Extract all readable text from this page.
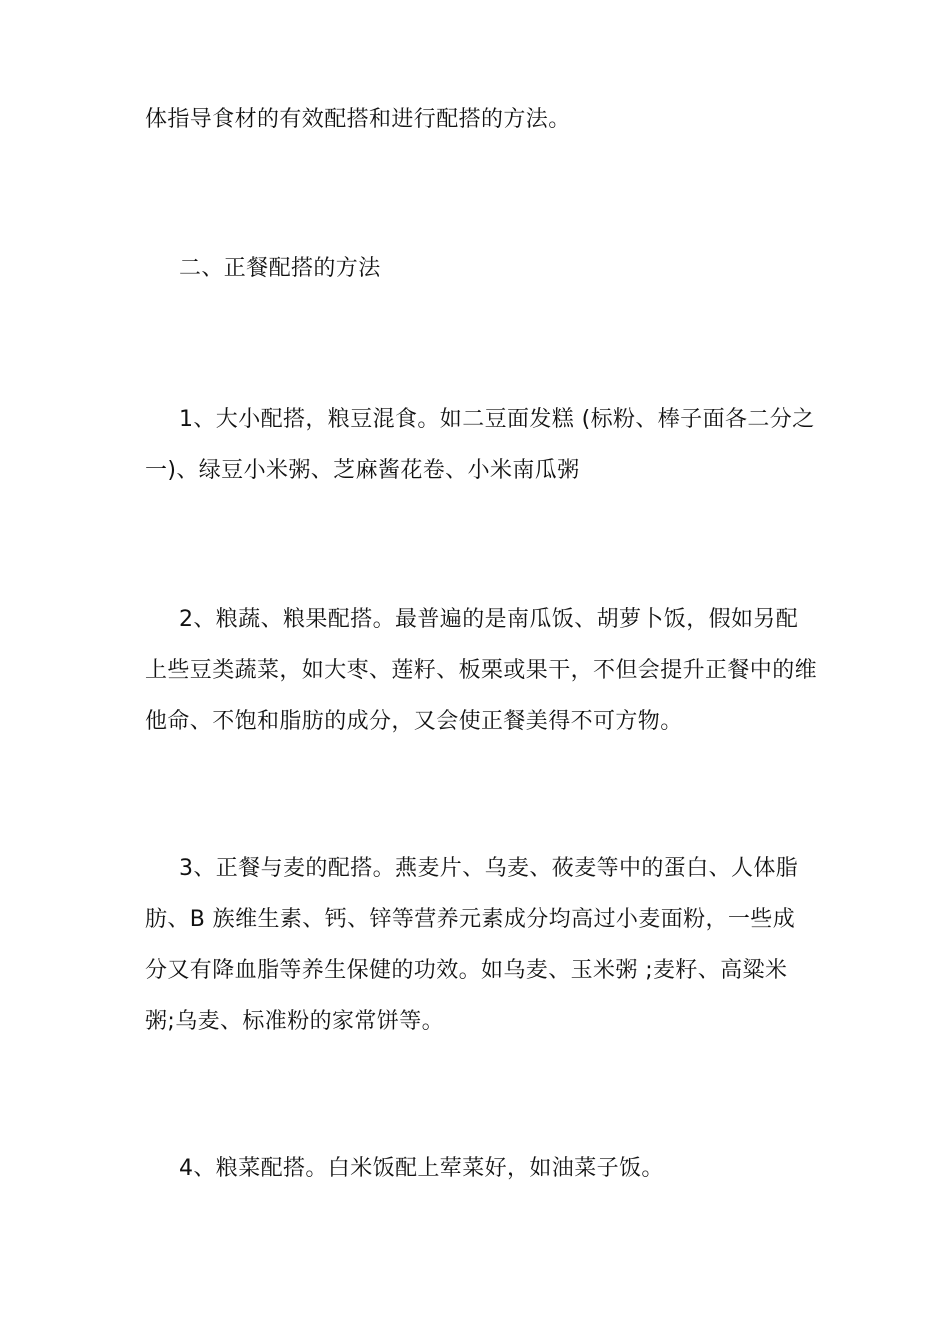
体指导食材的有效配搭和进行配搭的方法。

二、正餐配搭的方法

1、大小配搭，粮豆混食。如二豆面发糕 (标粉、棒子面各二分之一)、绿豆小米粥、芝麻酱花卷、小米南瓜粥

2、粮蔬、粮果配搭。最普遍的是南瓜饭、胡萝卜饭，假如另配上些豆类蔬菜，如大枣、莲籽、板栗或果干，不但会提升正餐中的维他命、不饱和脂肪的成分，又会使正餐美得不可方物。

3、正餐与麦的配搭。燕麦片、乌麦、莜麦等中的蛋白、人体脂肪、B 族维生素、钙、锌等营养元素成分均高过小麦面粉，一些成分又有降血脂等养生保健的功效。如乌麦、玉米粥 ;麦籽、高粱米粥;乌麦、标准粉的家常饼等。

4、粮菜配搭。白米饭配上荤菜好，如油菜子饭。
